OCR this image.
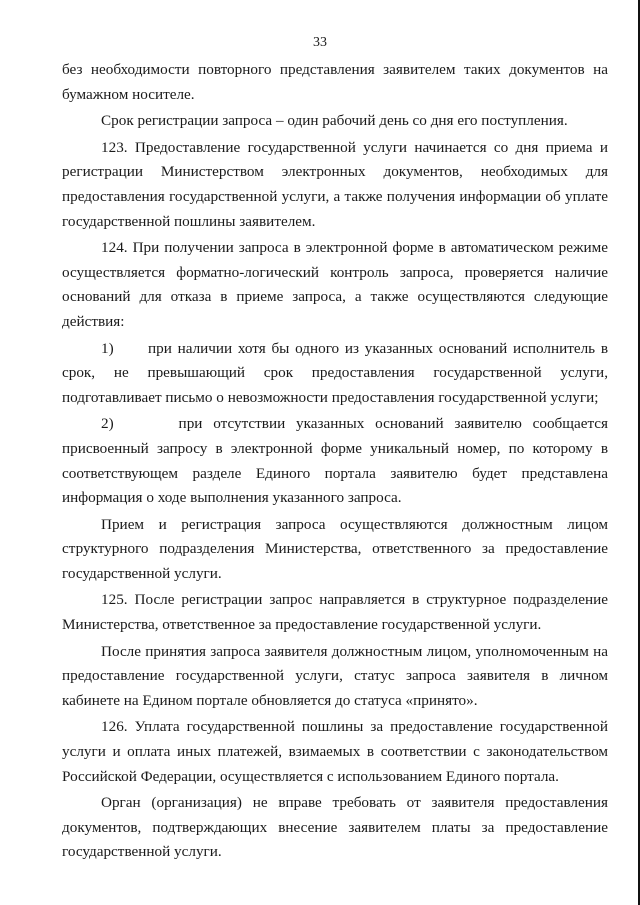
33

без необходимости повторного представления заявителем таких документов на бумажном носителе.

Срок регистрации запроса – один рабочий день со дня его поступления.

123. Предоставление государственной услуги начинается со дня приема и регистрации Министерством электронных документов, необходимых для предоставления государственной услуги, а также получения информации об уплате государственной пошлины заявителем.

124. При получении запроса в электронной форме в автоматическом режиме осуществляется форматно-логический контроль запроса, проверяется наличие оснований для отказа в приеме запроса, а также осуществляются следующие действия:

1)      при наличии хотя бы одного из указанных оснований исполнитель в срок, не превышающий срок предоставления государственной услуги, подготавливает письмо о невозможности предоставления государственной услуги;

2)      при отсутствии указанных оснований заявителю сообщается присвоенный запросу в электронной форме уникальный номер, по которому в соответствующем разделе Единого портала заявителю будет представлена информация о ходе выполнения указанного запроса.

Прием и регистрация запроса осуществляются должностным лицом структурного подразделения Министерства, ответственного за предоставление государственной услуги.

125. После регистрации запрос направляется в структурное подразделение Министерства, ответственное за предоставление государственной услуги.

После принятия запроса заявителя должностным лицом, уполномоченным на предоставление государственной услуги, статус запроса заявителя в личном кабинете на Едином портале обновляется до статуса «принято».

126. Уплата государственной пошлины за предоставление государственной услуги и оплата иных платежей, взимаемых в соответствии с законодательством Российской Федерации, осуществляется с использованием Единого портала.

Орган (организация) не вправе требовать от заявителя предоставления документов, подтверждающих внесение заявителем платы за предоставление государственной услуги.
